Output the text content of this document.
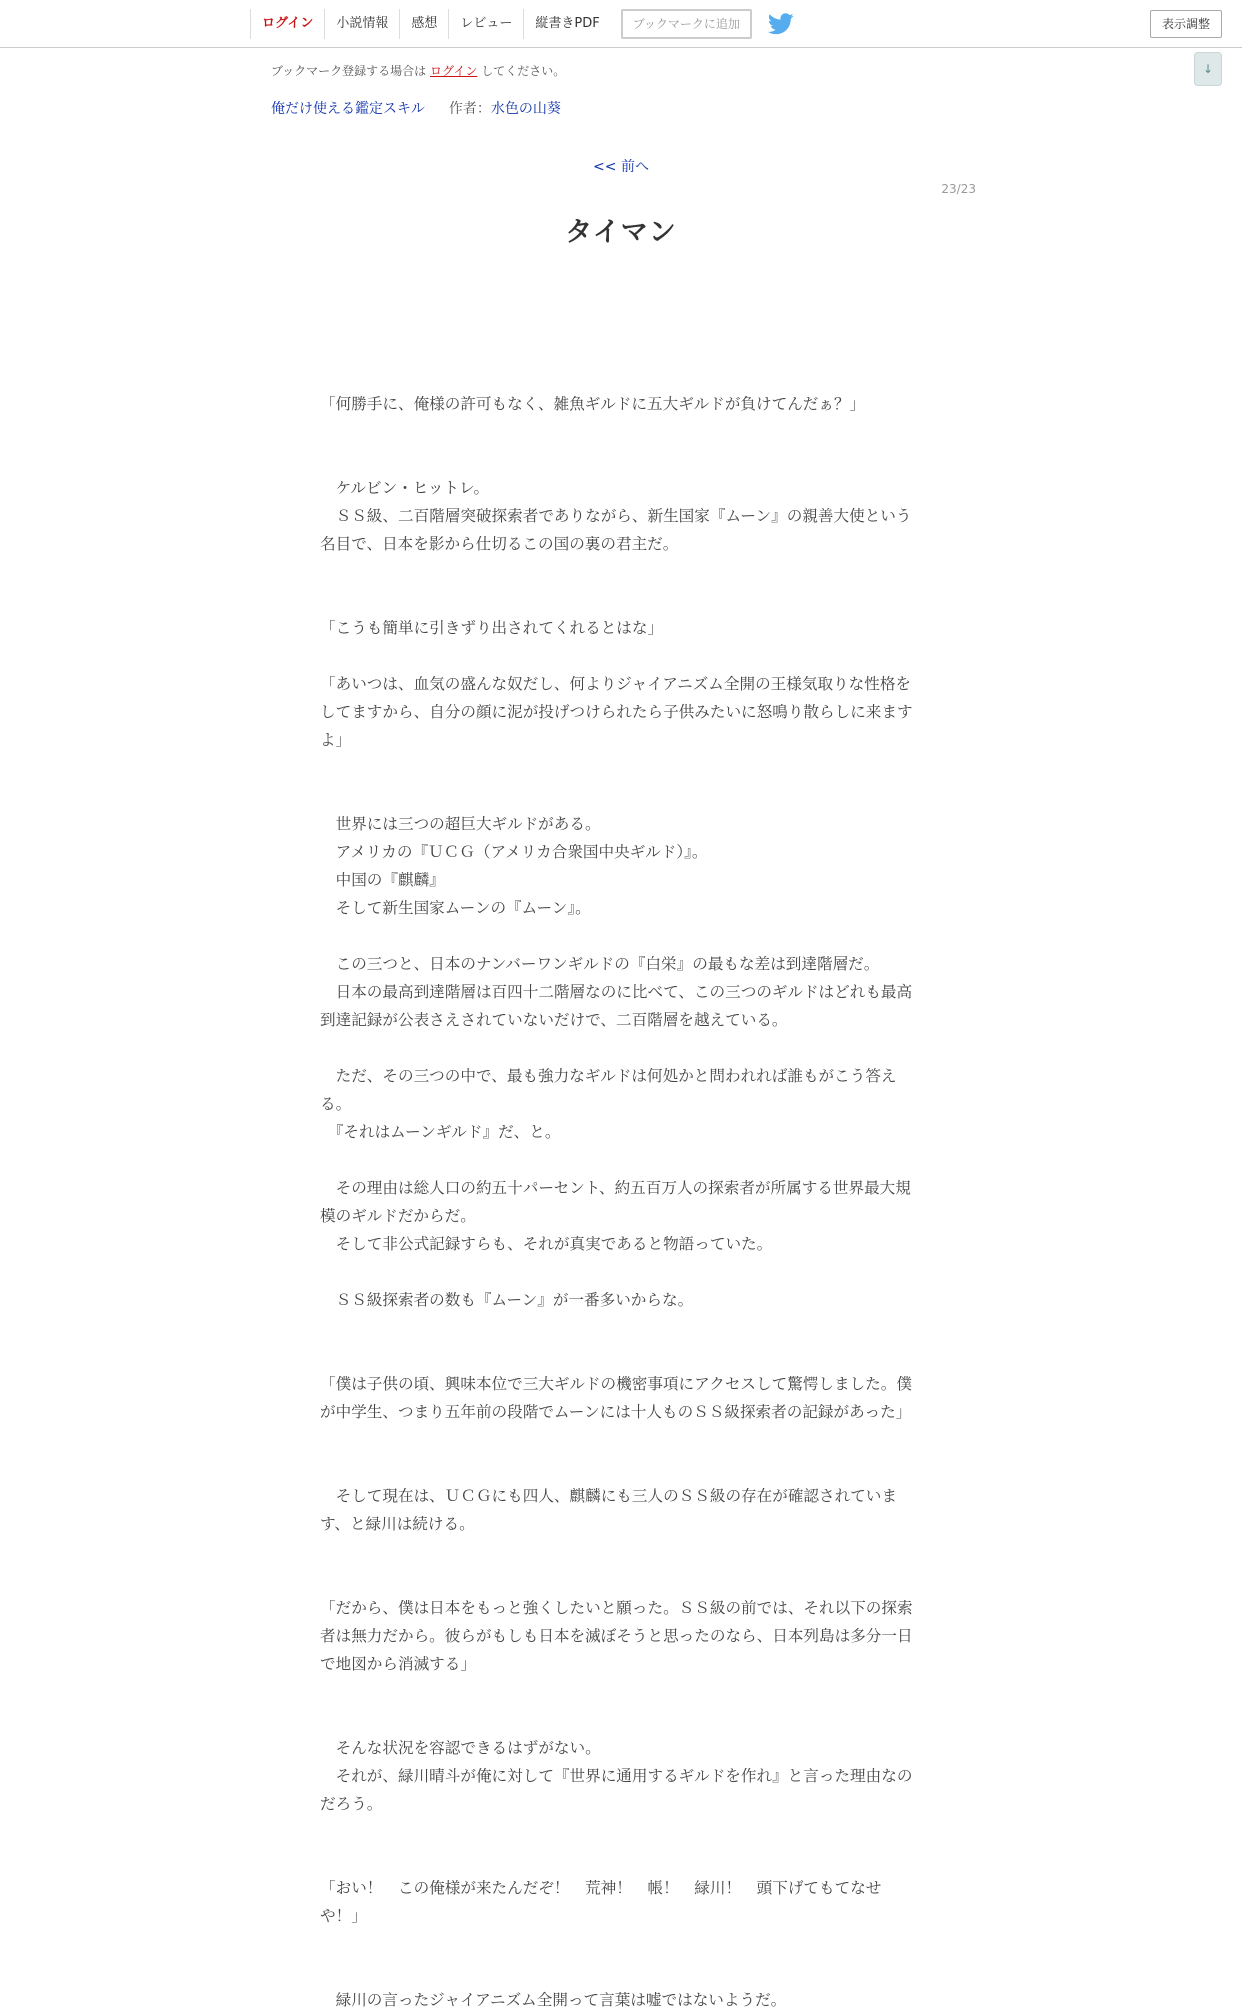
ログイン	小説情報	感想	レビュー	縦書きPDF	ブックマークに追加	表示調整
↓
ブックマーク登録する場合は ログイン してください。
俺だけ使える鑑定スキル 作者：水色の山葵
<< 前へ
23/23
タイマン

「何勝手に、俺様の許可もなく、雑魚ギルドに五大ギルドが負けてんだぁ？」

　ケルビン・ヒットレ。

　ＳＳ級、二百階層突破探索者でありながら、新生国家『ムーン』の親善大使という名目で、日本を影から仕切るこの国の裏の君主だ。

「こうも簡単に引きずり出されてくれるとはな」

「あいつは、血気の盛んな奴だし、何よりジャイアニズム全開の王様気取りな性格をしてますから、自分の顔に泥が投げつけられたら子供みたいに怒鳴り散らしに来ますよ」

　世界には三つの超巨大ギルドがある。

　アメリカの『ＵＣＧ（アメリカ合衆国中央ギルド）』。

　中国の『麒麟』

　そして新生国家ムーンの『ムーン』。

　この三つと、日本のナンバーワンギルドの『白栄』の最もな差は到達階層だ。

　日本の最高到達階層は百四十二階層なのに比べて、この三つのギルドはどれも最高到達記録が公表さえされていないだけで、二百階層を越えている。

　ただ、その三つの中で、最も強力なギルドは何処かと問われれば誰もがこう答える。

　『それはムーンギルド』だ、と。

　その理由は総人口の約五十パーセント、約五百万人の探索者が所属する世界最大規模のギルドだからだ。

　そして非公式記録すらも、それが真実であると物語っていた。

　ＳＳ級探索者の数も『ムーン』が一番多いからな。

「僕は子供の頃、興味本位で三大ギルドの機密事項にアクセスして驚愕しました。僕が中学生、つまり五年前の段階でムーンには十人ものＳＳ級探索者の記録があった」

　そして現在は、ＵＣＧにも四人、麒麟にも三人のＳＳ級の存在が確認されています、と緑川は続ける。

「だから、僕は日本をもっと強くしたいと願った。ＳＳ級の前では、それ以下の探索者は無力だから。彼らがもしも日本を滅ぼそうと思ったのなら、日本列島は多分一日で地図から消滅する」

　そんな状況を容認できるはずがない。

　それが、緑川晴斗が俺に対して『世界に通用するギルドを作れ』と言った理由なのだろう。

「おい！　この俺様が来たんだぞ！　荒神！　帳！　緑川！　頭下げてもてなせや！」

　緑川の言ったジャイアニズム全開って言葉は嘘ではないようだ。
